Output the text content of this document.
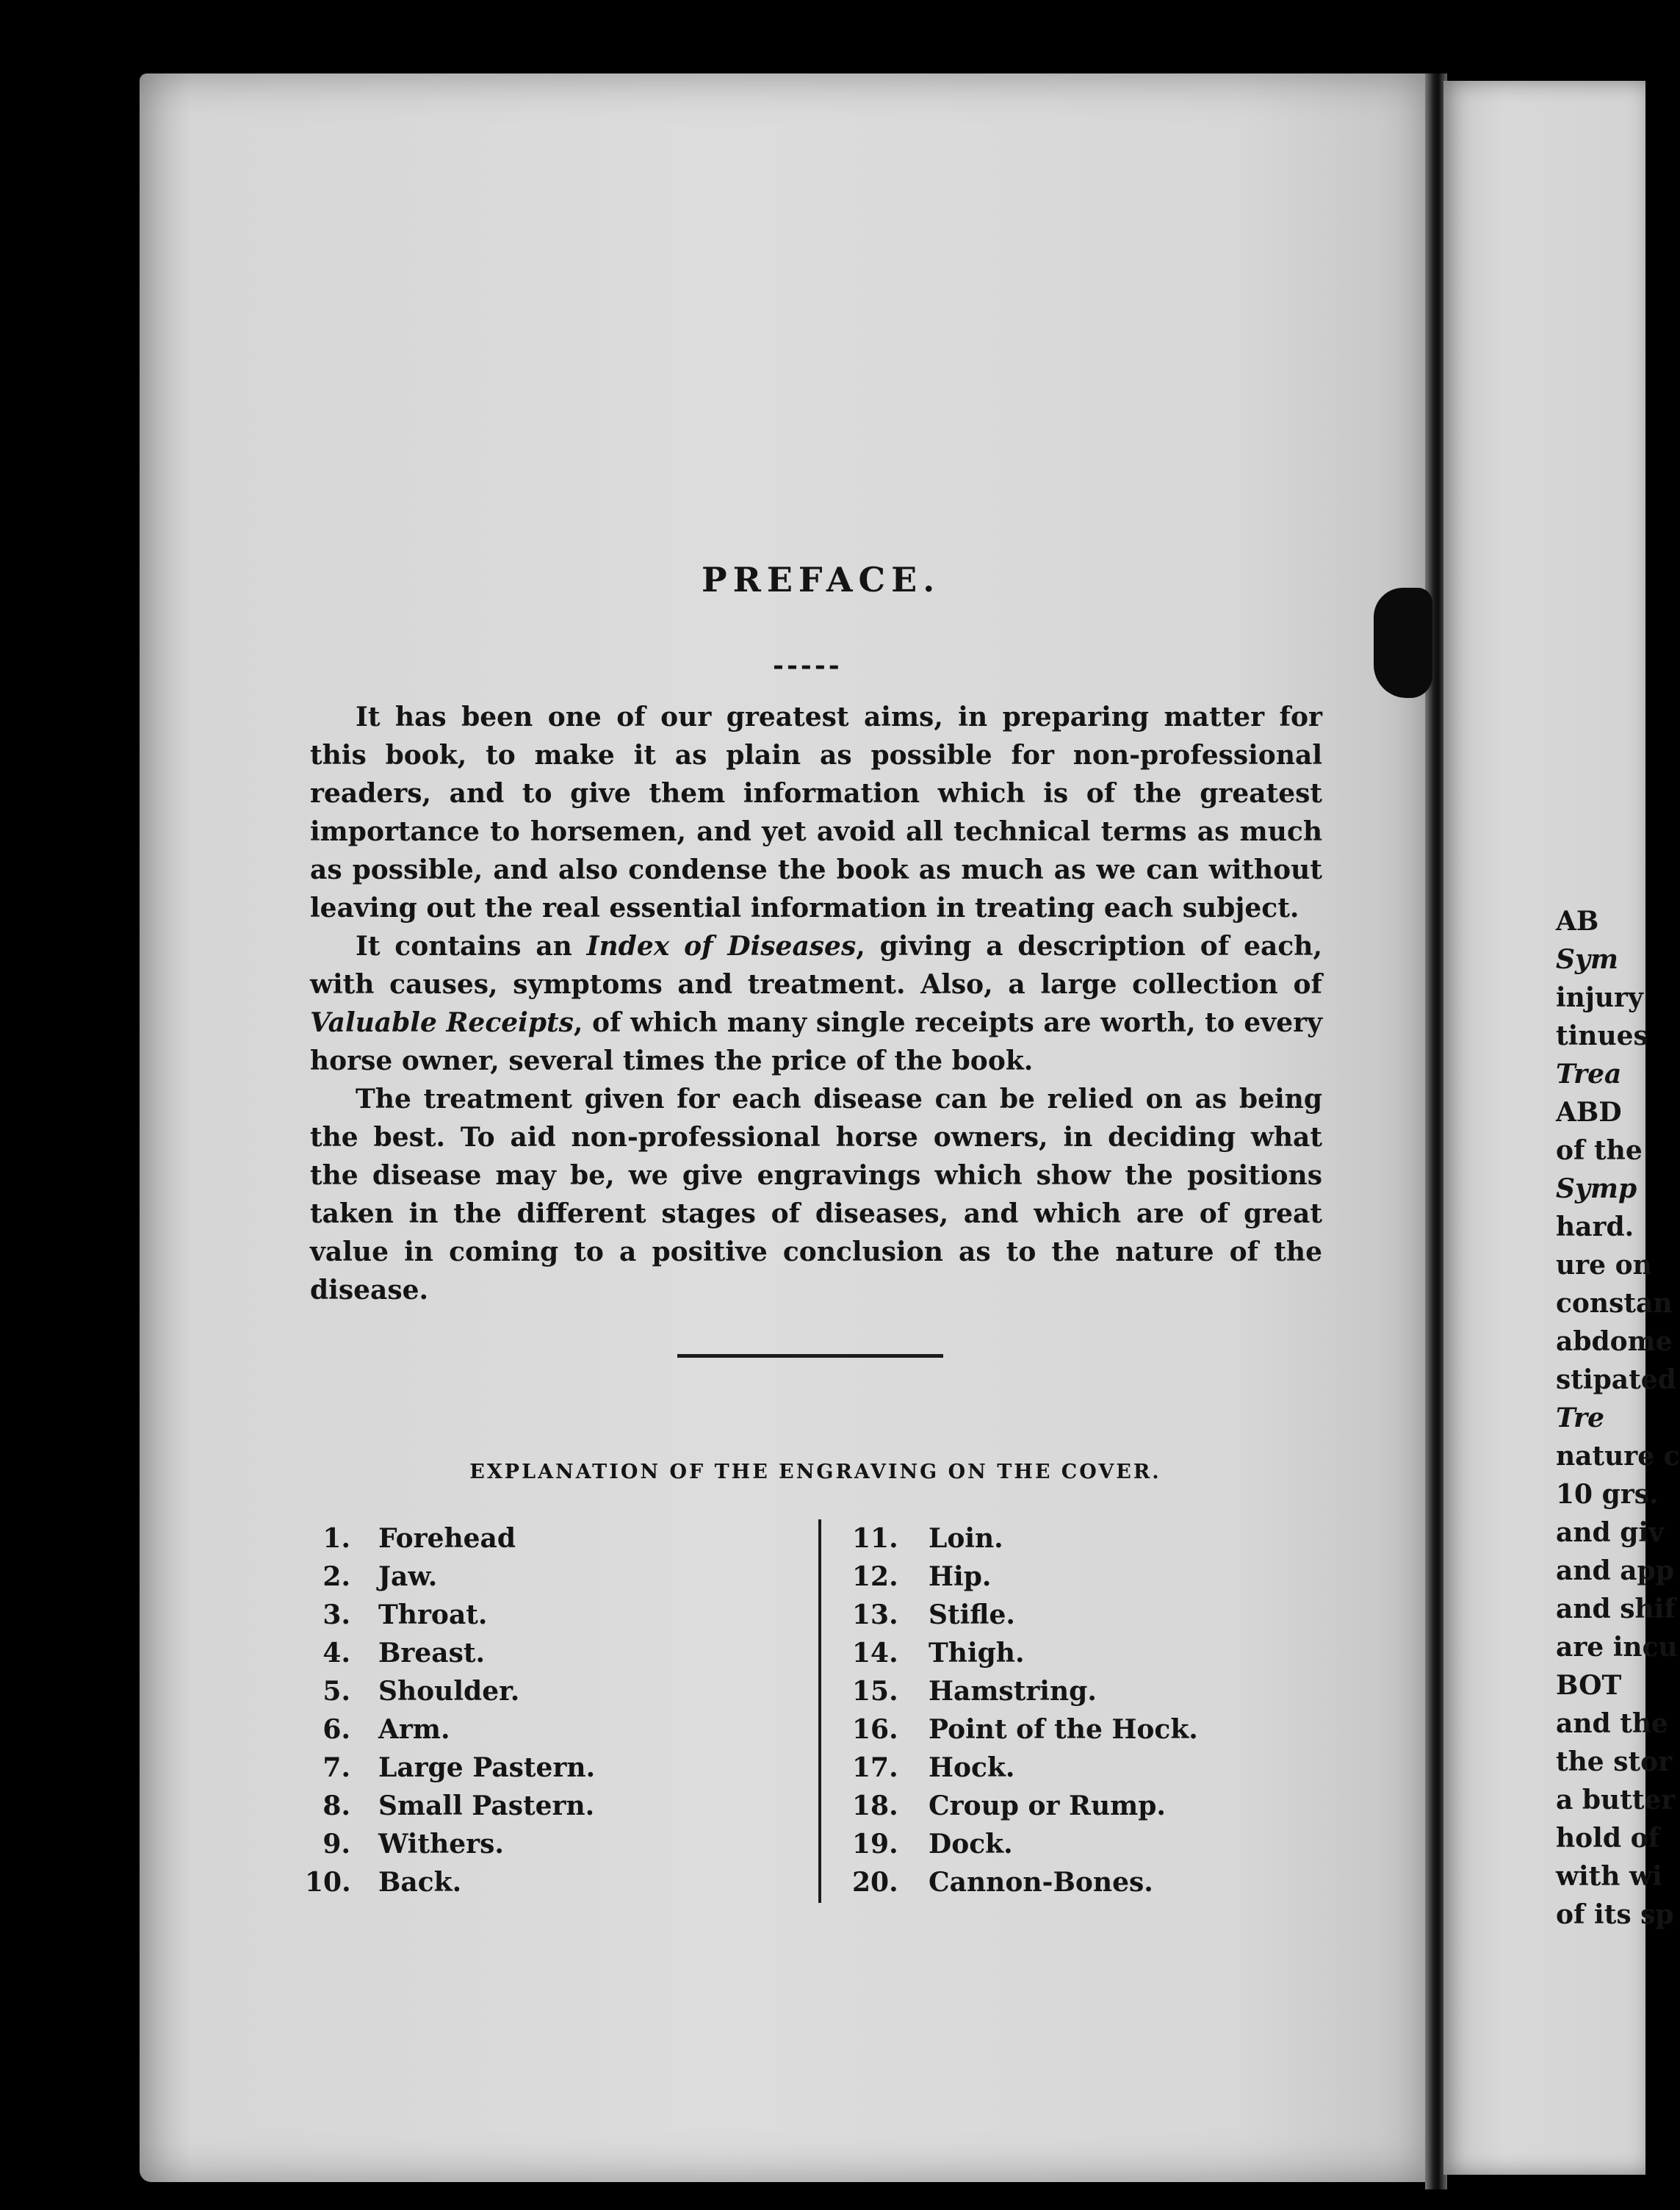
PREFACE.
-----

It has been one of our greatest aims, in preparing matter for this book, to make it as plain as possible for non-professional readers, and to give them information which is of the greatest importance to horsemen, and yet avoid all technical terms as much as possible, and also condense the book as much as we can without leaving out the real essential information in treating each subject.

It contains an Index of Diseases, giving a description of each, with causes, symptoms and treatment. Also, a large collection of Valuable Receipts, of which many single receipts are worth, to every horse owner, several times the price of the book.

The treatment given for each disease can be relied on as being the best. To aid non-professional horse owners, in deciding what the disease may be, we give engravings which show the positions taken in the different stages of diseases, and which are of great value in coming to a positive conclusion as to the nature of the disease.

EXPLANATION OF THE ENGRAVING ON THE COVER.
1. Forehead
2. Jaw.
3. Throat.
4. Breast.
5. Shoulder.
6. Arm.
7. Large Pastern.
8. Small Pastern.
9. Withers.
10. Back.
11. Loin.
12. Hip.
13. Stifle.
14. Thigh.
15. Hamstring.
16. Point of the Hock.
17. Hock.
18. Croup or Rump.
19. Dock.
20. Cannon-Bones.
AB
Sym
injury
tinues
Trea
ABD
of the
Symp
hard.
ure on
constan
abdome
stipated
Tre
nature c
10 grs.
and giv
and app
and shif
are incu
BOT
and the
the stor
a butter
hold of
with wi
of its sp
